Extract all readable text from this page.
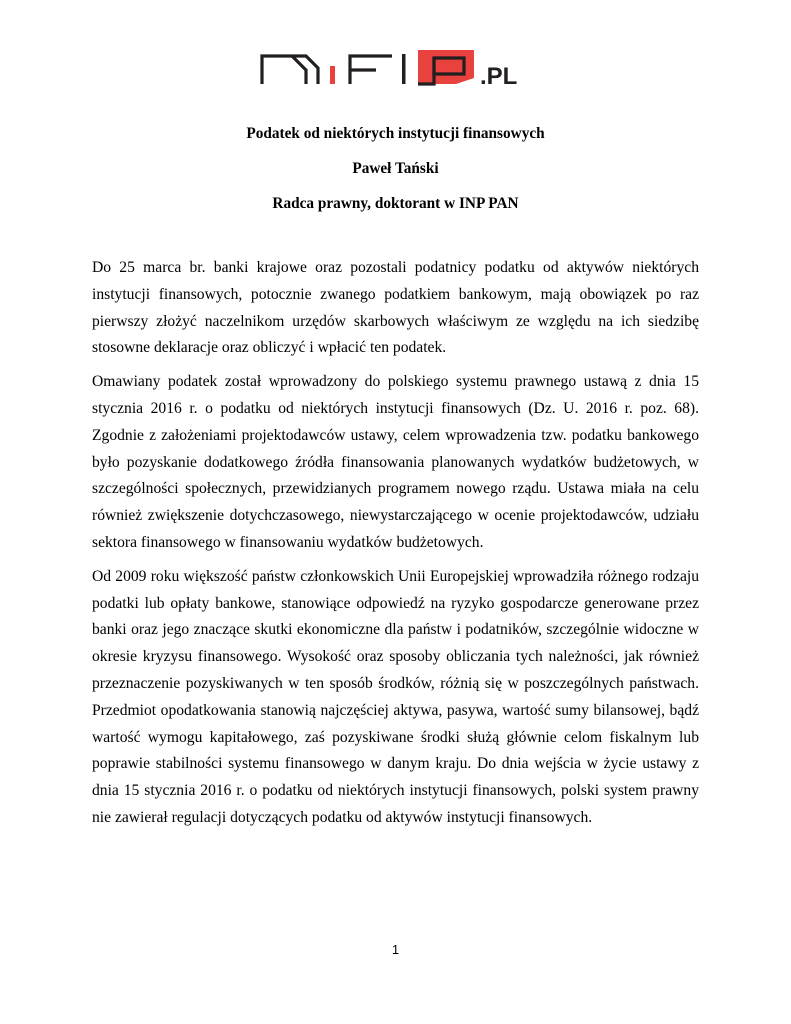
.PL

Podatek od niektórych instytucji finansowych

Paweł Tański

Radca prawny, doktorant w INP PAN

Do 25 marca br. banki krajowe oraz pozostali podatnicy podatku od aktywów niektórych instytucji finansowych, potocznie zwanego podatkiem bankowym, mają obowiązek po raz pierwszy złożyć naczelnikom urzędów skarbowych właściwym ze względu na ich siedzibę stosowne deklaracje oraz obliczyć i wpłacić ten podatek.

Omawiany podatek został wprowadzony do polskiego systemu prawnego ustawą z dnia 15 stycznia 2016 r. o podatku od niektórych instytucji finansowych (Dz. U. 2016 r. poz. 68). Zgodnie z założeniami projektodawców ustawy, celem wprowadzenia tzw. podatku bankowego było pozyskanie dodatkowego źródła finansowania planowanych wydatków budżetowych, w szczególności społecznych, przewidzianych programem nowego rządu. Ustawa miała na celu również zwiększenie dotychczasowego, niewystarczającego w ocenie projektodawców, udziału sektora finansowego w finansowaniu wydatków budżetowych.

Od 2009 roku większość państw członkowskich Unii Europejskiej wprowadziła różnego rodzaju podatki lub opłaty bankowe, stanowiące odpowiedź na ryzyko gospodarcze generowane przez banki oraz jego znaczące skutki ekonomiczne dla państw i podatników, szczególnie widoczne w okresie kryzysu finansowego. Wysokość oraz sposoby obliczania tych należności, jak również przeznaczenie pozyskiwanych w ten sposób środków, różnią się w poszczególnych państwach. Przedmiot opodatkowania stanowią najczęściej aktywa, pasywa, wartość sumy bilansowej, bądź wartość wymogu kapitałowego, zaś pozyskiwane środki służą głównie celom fiskalnym lub poprawie stabilności systemu finansowego w danym kraju. Do dnia wejścia w życie ustawy z dnia 15 stycznia 2016 r. o podatku od niektórych instytucji finansowych, polski system prawny nie zawierał regulacji dotyczących podatku od aktywów instytucji finansowych.

1
